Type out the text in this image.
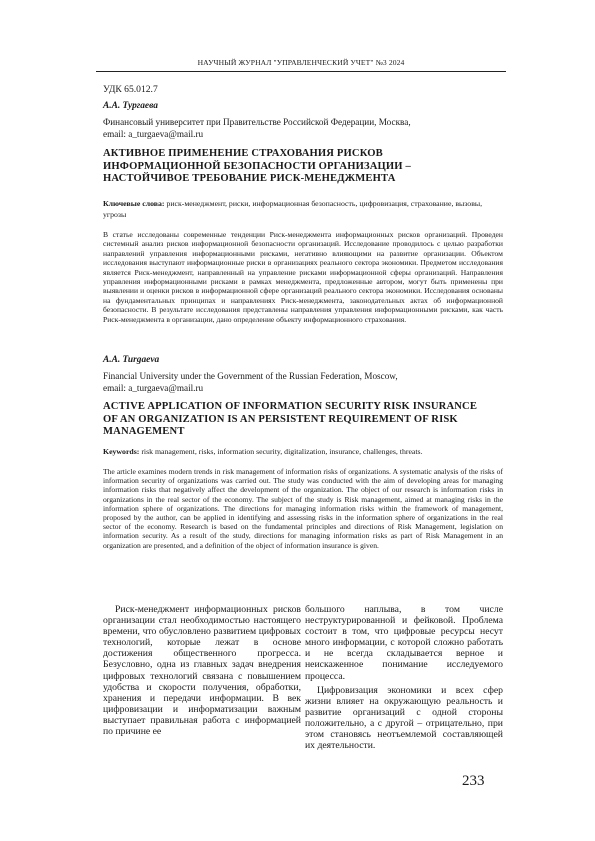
НАУЧНЫЙ ЖУРНАЛ "УПРАВЛЕНЧЕСКИЙ УЧЕТ" №3 2024
УДК 65.012.7
А.А. Тургаева
Финансовый университет при Правительстве Российской Федерации, Москва,
email: a_turgaeva@mail.ru
АКТИВНОЕ ПРИМЕНЕНИЕ СТРАХОВАНИЯ РИСКОВ
ИНФОРМАЦИОННОЙ БЕЗОПАСНОСТИ ОРГАНИЗАЦИИ –
НАСТОЙЧИВОЕ ТРЕБОВАНИЕ РИСК-МЕНЕДЖМЕНТА
Ключевые слова: риск-менеджмент, риски, информационная безопасность, цифровизация, страхование, вызовы, угрозы

В статье исследованы современные тенденции Риск-менеджмента информационных рисков организаций. Проведен системный анализ рисков информационной безопасности организаций. Исследование проводилось с целью разработки направлений управления информационными рисками, негативно влияющими на развитие организации. Объектом исследования выступают информационные риски в организациях реального сектора экономики. Предметом исследования является Риск-менеджмент, направленный на управление рисками информационной сферы организаций. Направления управления информационными рисками в рамках менеджмента, предложенные автором, могут быть применены при выявлении и оценки рисков в информационной сфере организаций реального сектора экономики. Исследования основаны на фундаментальных принципах и направлениях Риск-менеджмента, законодательных актах об информационной безопасности. В результате исследования представлены направления управления информационными рисками, как часть Риск-менеджмента в организации, дано определение объекту информационного страхования.

A.A. Turgaeva
Financial University under the Government of the Russian Federation, Moscow,
email: a_turgaeva@mail.ru
ACTIVE APPLICATION OF INFORMATION SECURITY RISK INSURANCE
OF AN ORGANIZATION IS AN PERSISTENT REQUIREMENT OF RISK
MANAGEMENT
Keywords: risk management, risks, information security, digitalization, insurance, challenges, threats.

The article examines modern trends in risk management of information risks of organizations. A systematic analysis of the risks of information security of organizations was carried out. The study was conducted with the aim of developing areas for managing information risks that negatively affect the development of the organization. The object of our research is information risks in organizations in the real sector of the economy. The subject of the study is Risk management, aimed at managing risks in the information sphere of organizations. The directions for managing information risks within the framework of management, proposed by the author, can be applied in identifying and assessing risks in the information sphere of organizations in the real sector of the economy. Research is based on the fundamental principles and directions of Risk Management, legislation on information security. As a result of the study, directions for managing information risks as part of Risk Management in an organization are presented, and a definition of the object of information insurance is given.

Риск-менеджмент информационных рисков организации стал необходимостью настоящего времени, что обусловлено развитием цифровых технологий, которые лежат в основе достижения общественного прогресса. Безусловно, одна из главных задач внедрения цифровых технологий связана с повышением удобства и скорости получения, обработки, хранения и передачи информации. В век цифровизации и информатизации важным выступает правильная работа с информацией по причине ее

большого наплыва, в том числе неструктурированной и фейковой. Проблема состоит в том, что цифровые ресурсы несут много информации, с которой сложно работать и не всегда складывается верное и неискаженное понимание исследуемого процесса.

Цифровизация экономики и всех сфер жизни влияет на окружающую реальность и развитие организаций с одной стороны положительно, а с другой – отрицательно, при этом становясь неотъемлемой составляющей их деятельности.

233
